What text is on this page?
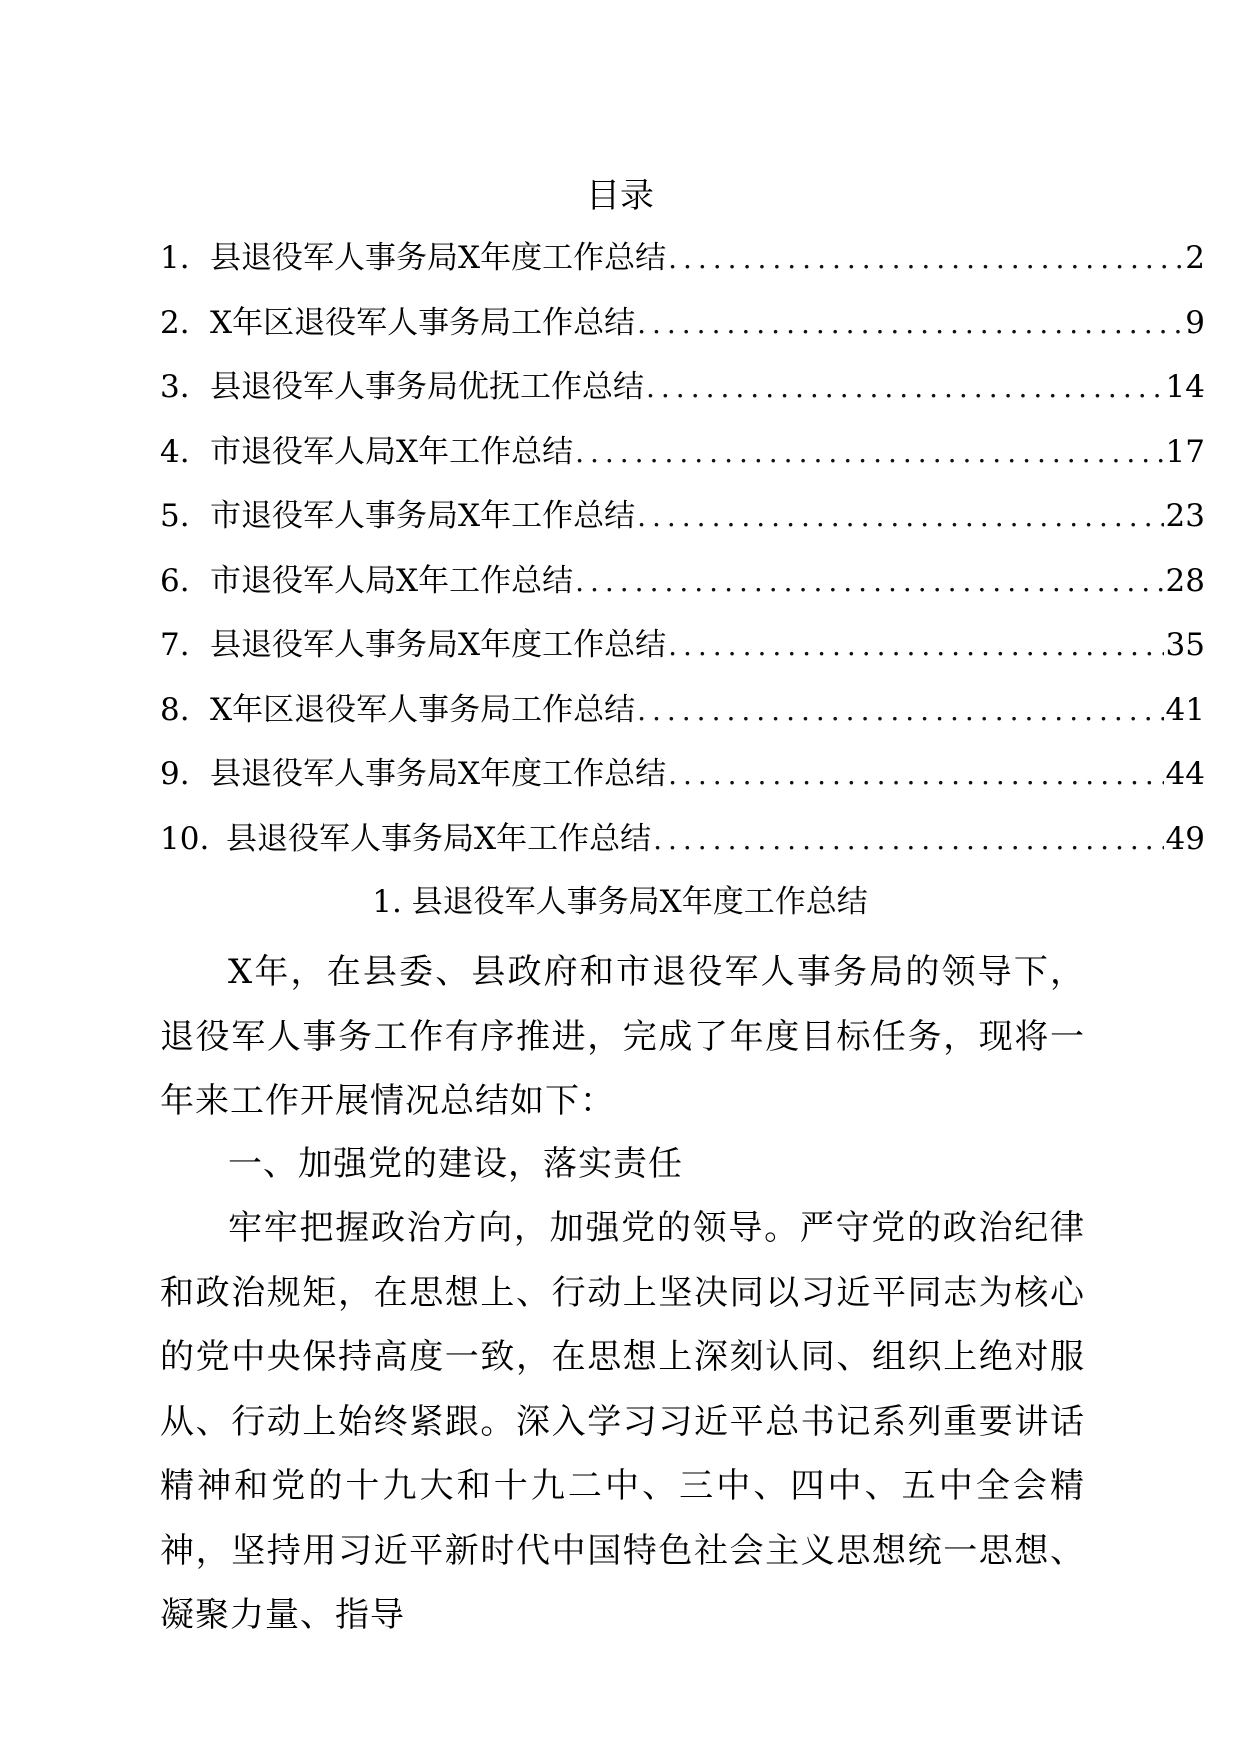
目录
1. 县退役军人事务局Ⅹ年度工作总结 .....	2
2. Ⅹ年区退役军人事务局工作总结 .....	9
3. 县退役军人事务局优抚工作总结 .....	14
4. 市退役军人局Ⅹ年工作总结 .....	17
5. 市退役军人事务局Ⅹ年工作总结 .....	23
6. 市退役军人局Ⅹ年工作总结 .....	28
7. 县退役军人事务局Ⅹ年度工作总结 .....	35
8. Ⅹ年区退役军人事务局工作总结 .....	41
9. 县退役军人事务局Ⅹ年度工作总结 .....	44
10. 县退役军人事务局Ⅹ年工作总结 .....	49
1. 县退役军人事务局Ⅹ年度工作总结

Ⅹ年，在县委、县政府和市退役军人事务局的领导下，退役军人事务工作有序推进，完成了年度目标任务，现将一年来工作开展情况总结如下：

一、加强党的建设，落实责任

牢牢把握政治方向，加强党的领导。严守党的政治纪律和政治规矩，在思想上、行动上坚决同以习近平同志为核心的党中央保持高度一致，在思想上深刻认同、组织上绝对服从、行动上始终紧跟。深入学习习近平总书记系列重要讲话精神和党的十九大和十九二中、三中、四中、五中全会精神，坚持用习近平新时代中国特色社会主义思想统一思想、凝聚力量、指导
